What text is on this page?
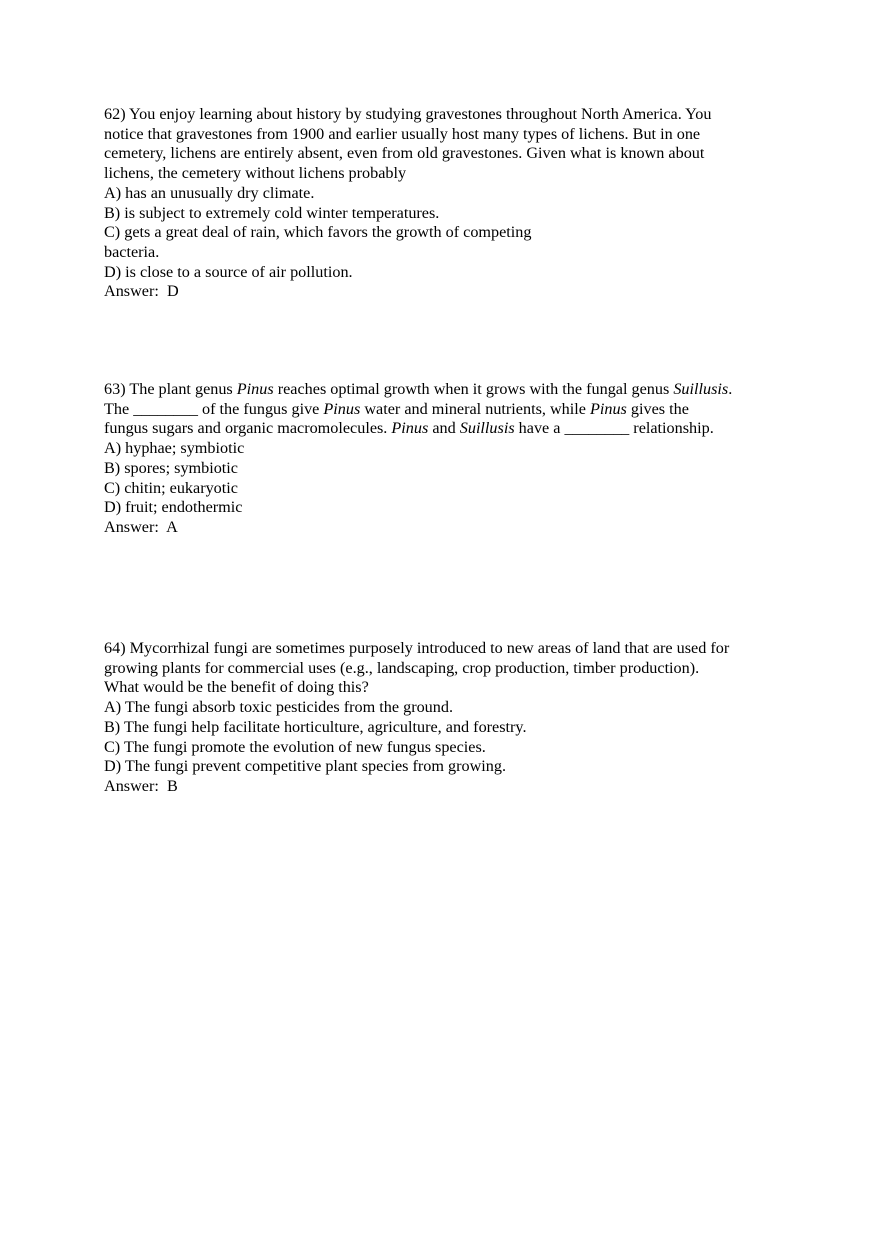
62) You enjoy learning about history by studying gravestones throughout North America. You
notice that gravestones from 1900 and earlier usually host many types of lichens. But in one
cemetery, lichens are entirely absent, even from old gravestones. Given what is known about
lichens, the cemetery without lichens probably
A) has an unusually dry climate.
B) is subject to extremely cold winter temperatures.
C) gets a great deal of rain, which favors the growth of competing bacteria.
D) is close to a source of air pollution.
Answer: D
63) The plant genus Pinus reaches optimal growth when it grows with the fungal genus Suillusis.
The ________ of the fungus give Pinus water and mineral nutrients, while Pinus gives the
fungus sugars and organic macromolecules. Pinus and Suillusis have a ________ relationship.
A) hyphae; symbiotic
B) spores; symbiotic
C) chitin; eukaryotic
D) fruit; endothermic
Answer: A
64) Mycorrhizal fungi are sometimes purposely introduced to new areas of land that are used for
growing plants for commercial uses (e.g., landscaping, crop production, timber production).
What would be the benefit of doing this?
A) The fungi absorb toxic pesticides from the ground.
B) The fungi help facilitate horticulture, agriculture, and forestry.
C) The fungi promote the evolution of new fungus species.
D) The fungi prevent competitive plant species from growing.
Answer: B
